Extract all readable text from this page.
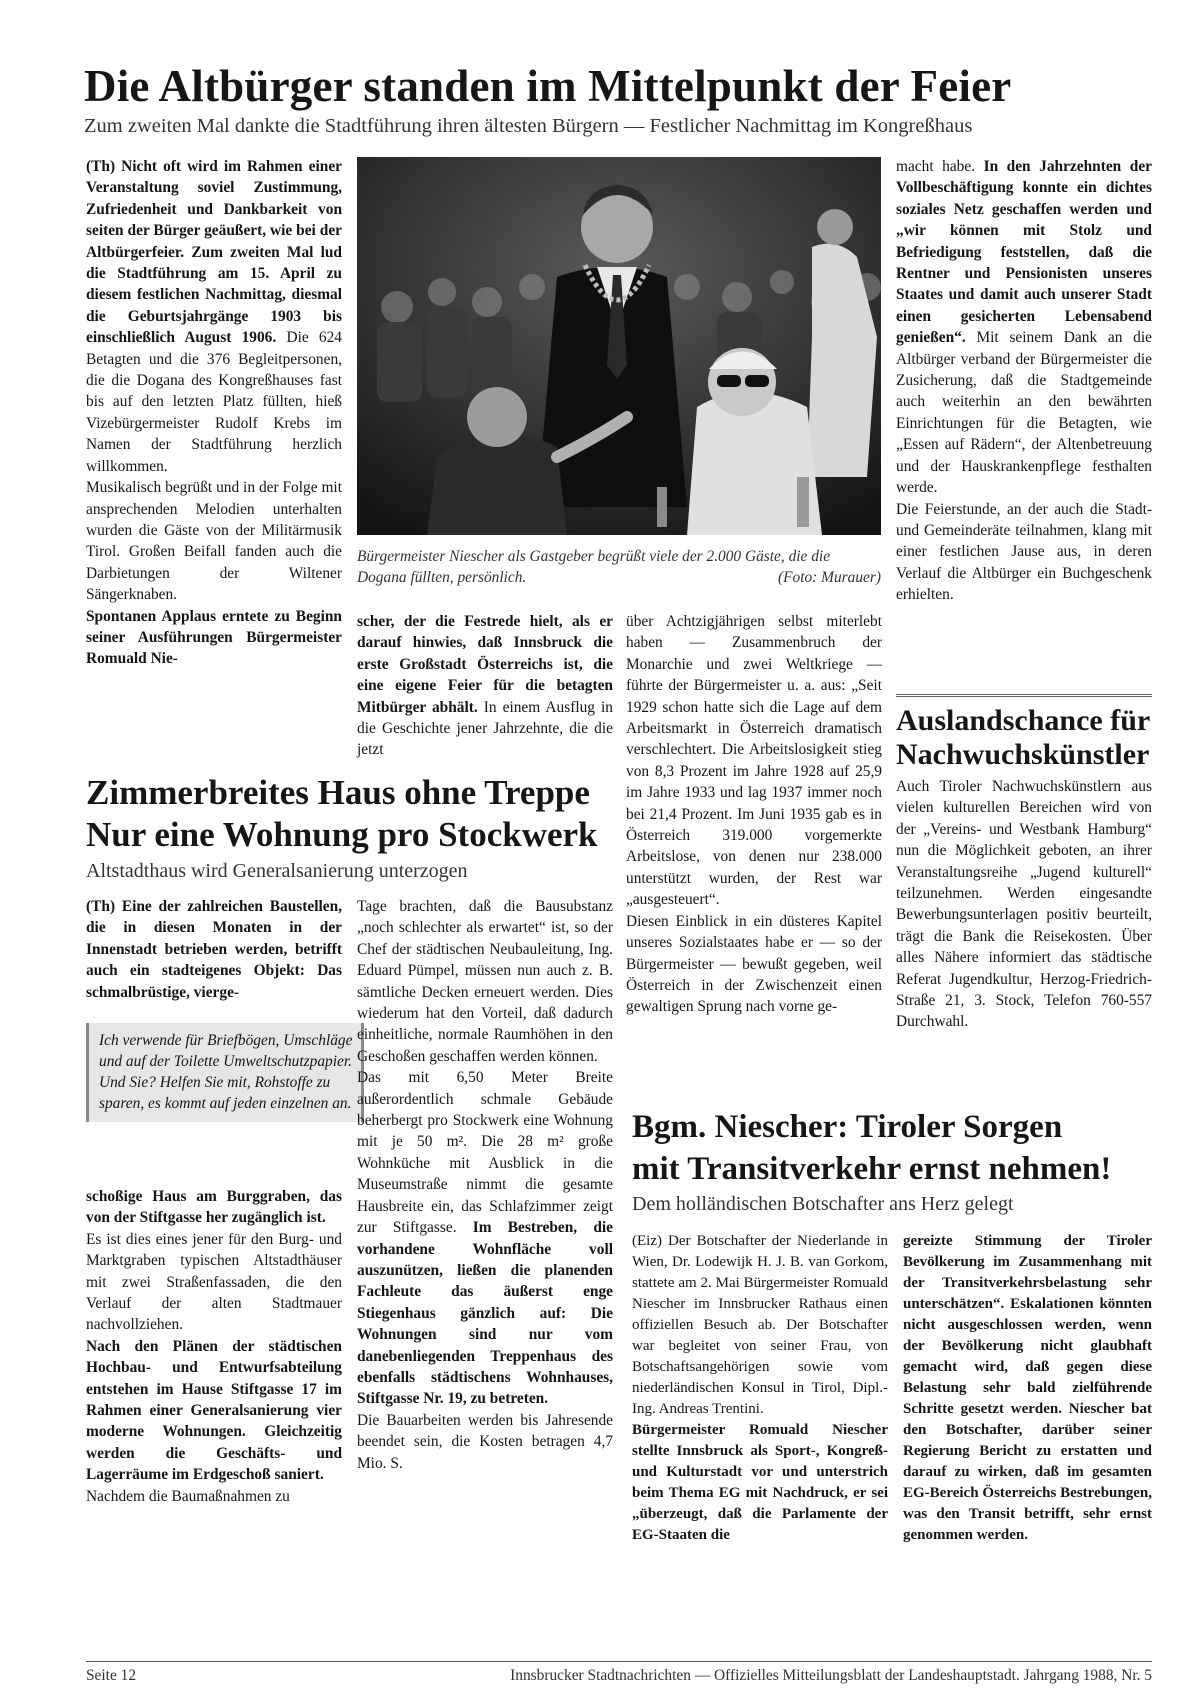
Die Altbürger standen im Mittelpunkt der Feier
Zum zweiten Mal dankte die Stadtführung ihren ältesten Bürgern — Festlicher Nachmittag im Kongreßhaus

(Th) Nicht oft wird im Rahmen einer Veranstaltung soviel Zustimmung, Zufriedenheit und Dankbarkeit von seiten der Bürger geäußert, wie bei der Altbürgerfeier. Zum zweiten Mal lud die Stadtführung am 15. April zu diesem festlichen Nachmittag, diesmal die Geburtsjahrgänge 1903 bis einschließlich August 1906. Die 624 Betagten und die 376 Begleitpersonen, die die Dogana des Kongreßhauses fast bis auf den letzten Platz füllten, hieß Vizebürgermeister Rudolf Krebs im Namen der Stadtführung herzlich willkommen.

Musikalisch begrüßt und in der Folge mit ansprechenden Melodien unterhalten wurden die Gäste von der Militärmusik Tirol. Großen Beifall fanden auch die Darbietungen der Wiltener Sängerknaben.

Spontanen Applaus erntete zu Beginn seiner Ausführungen Bürgermeister Romuald Nie-

Bürgermeister Niescher als Gastgeber begrüßt viele der 2.000 Gäste, die die Dogana füllten, persönlich.	(Foto: Murauer)

scher, der die Festrede hielt, als er darauf hinwies, daß Innsbruck die erste Großstadt Österreichs ist, die eine eigene Feier für die betagten Mitbürger abhält. In einem Ausflug in die Geschichte jener Jahrzehnte, die die jetzt

über Achtzigjährigen selbst miterlebt haben — Zusammenbruch der Monarchie und zwei Weltkriege — führte der Bürgermeister u. a. aus: „Seit 1929 schon hatte sich die Lage auf dem Arbeitsmarkt in Österreich dramatisch verschlechtert. Die Arbeitslosigkeit stieg von 8,3 Prozent im Jahre 1928 auf 25,9 im Jahre 1933 und lag 1937 immer noch bei 21,4 Prozent. Im Juni 1935 gab es in Österreich 319.000 vorgemerkte Arbeitslose, von denen nur 238.000 unterstützt wurden, der Rest war „ausgesteuert“.

Diesen Einblick in ein düsteres Kapitel unseres Sozialstaates habe er — so der Bürgermeister — bewußt gegeben, weil Österreich in der Zwischenzeit einen gewaltigen Sprung nach vorne ge-

macht habe. In den Jahrzehnten der Vollbeschäftigung konnte ein dichtes soziales Netz geschaffen werden und „wir können mit Stolz und Befriedigung feststellen, daß die Rentner und Pensionisten unseres Staates und damit auch unserer Stadt einen gesicherten Lebensabend genießen“. Mit seinem Dank an die Altbürger verband der Bürgermeister die Zusicherung, daß die Stadtgemeinde auch weiterhin an den bewährten Einrichtungen für die Betagten, wie „Essen auf Rädern“, der Altenbetreuung und der Hauskrankenpflege festhalten werde.

Die Feierstunde, an der auch die Stadt- und Gemeinderäte teilnahmen, klang mit einer festlichen Jause aus, in deren Verlauf die Altbürger ein Buchgeschenk erhielten.

Auslandschance für
Nachwuchskünstler

Auch Tiroler Nachwuchskünstlern aus vielen kulturellen Bereichen wird von der „Vereins- und Westbank Hamburg“ nun die Möglichkeit geboten, an ihrer Veranstaltungsreihe „Jugend kulturell“ teilzunehmen. Werden eingesandte Bewerbungsunterlagen positiv beurteilt, trägt die Bank die Reisekosten. Über alles Nähere informiert das städtische Referat Jugendkultur, Herzog-Friedrich-Straße 21, 3. Stock, Telefon 760-557 Durchwahl.

Zimmerbreites Haus ohne Treppe
Nur eine Wohnung pro Stockwerk
Altstadthaus wird Generalsanierung unterzogen

(Th) Eine der zahlreichen Baustellen, die in diesen Monaten in der Innenstadt betrieben werden, betrifft auch ein stadteigenes Objekt: Das schmalbrüstige, vierge-

Ich verwende für Briefbögen, Umschläge und auf der Toilette Umweltschutzpapier. Und Sie? Helfen Sie mit, Rohstoffe zu sparen, es kommt auf jeden einzelnen an.

schoßige Haus am Burggraben, das von der Stiftgasse her zugänglich ist.

Es ist dies eines jener für den Burg- und Marktgraben typischen Altstadthäuser mit zwei Straßenfassaden, die den Verlauf der alten Stadtmauer nachvollziehen.

Nach den Plänen der städtischen Hochbau- und Entwurfsabteilung entstehen im Hause Stiftgasse 17 im Rahmen einer Generalsanierung vier moderne Wohnungen. Gleichzeitig werden die Geschäfts- und Lagerräume im Erdgeschoß saniert.

Nachdem die Baumaßnahmen zu

Tage brachten, daß die Bausubstanz „noch schlechter als erwartet“ ist, so der Chef der städtischen Neubauleitung, Ing. Eduard Pümpel, müssen nun auch z. B. sämtliche Decken erneuert werden. Dies wiederum hat den Vorteil, daß dadurch einheitliche, normale Raumhöhen in den Geschoßen geschaffen werden können.

Das mit 6,50 Meter Breite außerordentlich schmale Gebäude beherbergt pro Stockwerk eine Wohnung mit je 50 m². Die 28 m² große Wohnküche mit Ausblick in die Museumstraße nimmt die gesamte Hausbreite ein, das Schlafzimmer zeigt zur Stiftgasse. Im Bestreben, die vorhandene Wohnfläche voll auszunützen, ließen die planenden Fachleute das äußerst enge Stiegenhaus gänzlich auf: Die Wohnungen sind nur vom danebenliegenden Treppenhaus des ebenfalls städtischens Wohnhauses, Stiftgasse Nr. 19, zu betreten.

Die Bauarbeiten werden bis Jahresende beendet sein, die Kosten betragen 4,7 Mio. S.

Bgm. Niescher: Tiroler Sorgen
mit Transitverkehr ernst nehmen!
Dem holländischen Botschafter ans Herz gelegt

(Eiz) Der Botschafter der Niederlande in Wien, Dr. Lodewijk H. J. B. van Gorkom, stattete am 2. Mai Bürgermeister Romuald Niescher im Innsbrucker Rathaus einen offiziellen Besuch ab. Der Botschafter war begleitet von seiner Frau, von Botschaftsangehörigen sowie vom niederländischen Konsul in Tirol, Dipl.-Ing. Andreas Trentini.

Bürgermeister Romuald Niescher stellte Innsbruck als Sport-, Kongreß- und Kulturstadt vor und unterstrich beim Thema EG mit Nachdruck, er sei „überzeugt, daß die Parlamente der EG-Staaten die

gereizte Stimmung der Tiroler Bevölkerung im Zusammenhang mit der Transitverkehrsbelastung sehr unterschätzen“. Eskalationen könnten nicht ausgeschlossen werden, wenn der Bevölkerung nicht glaubhaft gemacht wird, daß gegen diese Belastung sehr bald zielführende Schritte gesetzt werden. Niescher bat den Botschafter, darüber seiner Regierung Bericht zu erstatten und darauf zu wirken, daß im gesamten EG-Bereich Österreichs Bestrebungen, was den Transit betrifft, sehr ernst genommen werden.

Seite 12	Innsbrucker Stadtnachrichten — Offizielles Mitteilungsblatt der Landeshauptstadt. Jahrgang 1988, Nr. 5
